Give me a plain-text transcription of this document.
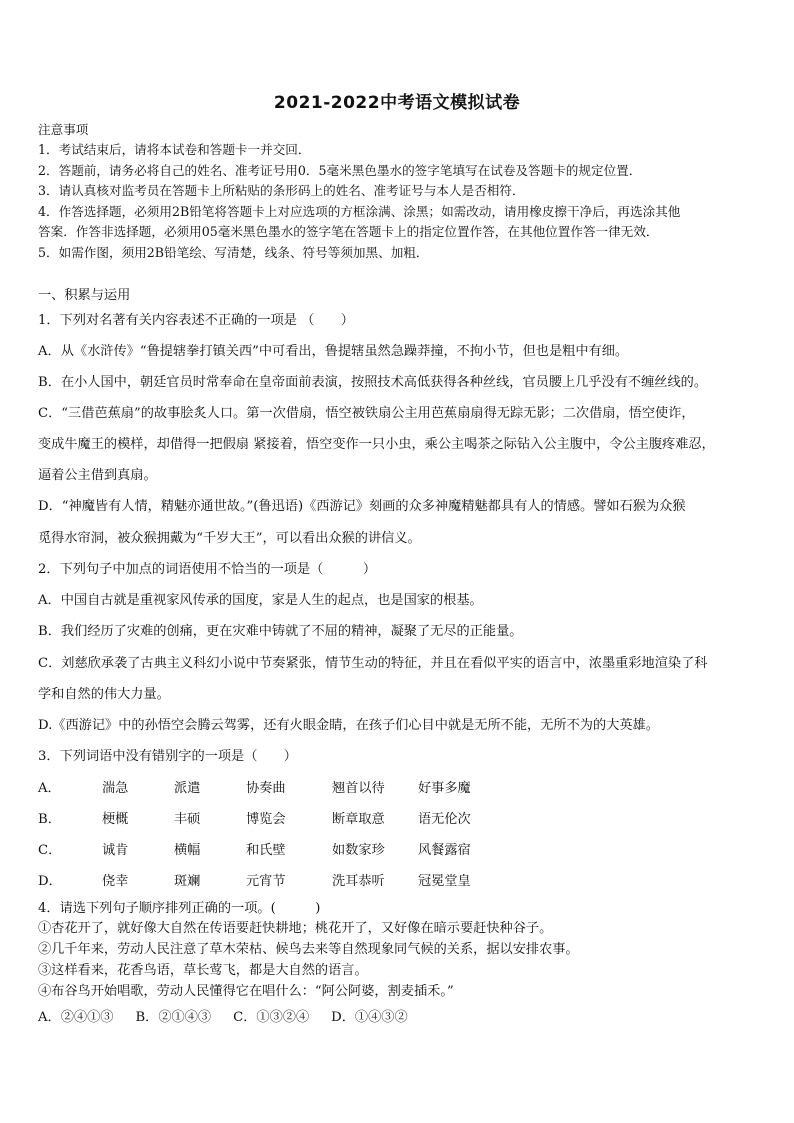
2021-2022中考语文模拟试卷
注意事项
1．考试结束后，请将本试卷和答题卡一并交回．
2．答题前，请务必将自己的姓名、准考证号用0．5毫米黑色墨水的签字笔填写在试卷及答题卡的规定位置．
3．请认真核对监考员在答题卡上所粘贴的条形码上的姓名、准考证号与本人是否相符．
4．作答选择题，必须用2B铅笔将答题卡上对应选项的方框涂满、涂黑；如需改动，请用橡皮擦干净后，再选涂其他
答案．作答非选择题，必须用05毫米黑色墨水的签字笔在答题卡上的指定位置作答，在其他位置作答一律无效．
5．如需作图，须用2B铅笔绘、写清楚，线条、符号等须加黑、加粗．
一、积累与运用
1．下列对名著有关内容表述不正确的一项是 （　　）
A．从《水浒传》“鲁提辖拳打镇关西”中可看出，鲁提辖虽然急躁莽撞，不拘小节，但也是粗中有细。
B．在小人国中，朝廷官员时常奉命在皇帝面前表演，按照技术高低获得各种丝线，官员腰上几乎没有不缠丝线的。
C．“三借芭蕉扇”的故事脍炙人口。第一次借扇，悟空被铁扇公主用芭蕉扇扇得无踪无影；二次借扇，悟空使诈，
变成牛魔王的模样，却借得一把假扇 紧接着，悟空变作一只小虫，乘公主喝茶之际钻入公主腹中，令公主腹疼难忍，
逼着公主借到真扇。
D．“神魔皆有人情，精魅亦通世故。”(鲁迅语)《西游记》刻画的众多神魔精魅都具有人的情感。譬如石猴为众猴
觅得水帘洞，被众猴拥戴为“千岁大王”，可以看出众猴的讲信义。
2．下列句子中加点的词语使用不恰当的一项是（　　　）
A．中国自古就是重视家风传承的国度，家是人生的起点，也是国家的根基。
B．我们经历了灾难的创痛，更在灾难中铸就了不屈的精神，凝聚了无尽的正能量。
C．刘慈欣承袭了古典主义科幻小说中节奏紧张，情节生动的特征，并且在看似平实的语言中，浓墨重彩地渲染了科
学和自然的伟大力量。
D.《西游记》中的孙悟空会腾云驾雾，还有火眼金睛，在孩子们心目中就是无所不能，无所不为的大英雄。
3．下列词语中没有错别字的一项是（　　）
A．	湍急	派遣	协奏曲	翘首以待	好事多魔
B．	梗概	丰硕	博览会	断章取意	语无伦次
C．	诚肯	横幅	和氏壁	如数家珍	风餐露宿
D．	侥幸	斑斓	元宵节	洗耳恭听	冠冕堂皇
4．请选下列句子顺序排列正确的一项。(　　　)
①杏花开了，就好像大自然在传语要赶快耕地；桃花开了，又好像在暗示要赶快种谷子。
②几千年来，劳动人民注意了草木荣枯、候鸟去来等自然现象同气候的关系，据以安排农事。
③这样看来，花香鸟语，草长莺飞，都是大自然的语言。
④布谷鸟开始唱歌，劳动人民懂得它在唱什么：“阿公阿婆，割麦插禾。”
A．②④①③ B．②①④③ C．①③②④ D．①④③②
